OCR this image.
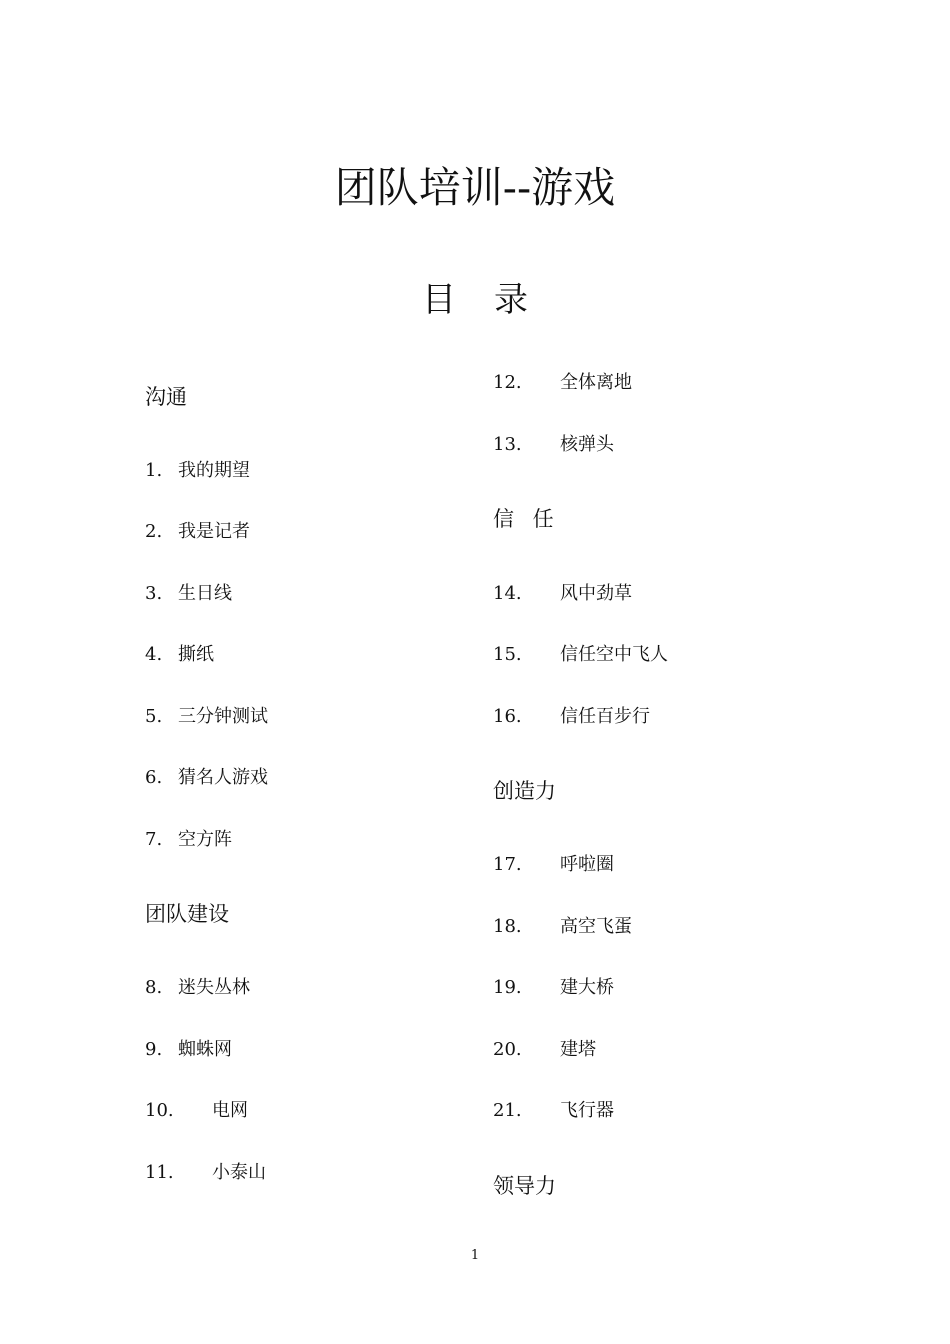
团队培训--游戏
目录
沟通
1. 我的期望
2. 我是记者
3. 生日线
4. 撕纸
5. 三分钟测试
6. 猜名人游戏
7. 空方阵
团队建设
8. 迷失丛林
9. 蜘蛛网
10. 电网
11. 小泰山
12. 全体离地
13. 核弹头
信 任
14. 风中劲草
15. 信任空中飞人
16. 信任百步行
创造力
17. 呼啦圈
18. 高空飞蛋
19. 建大桥
20. 建塔
21. 飞行器
领导力
1
